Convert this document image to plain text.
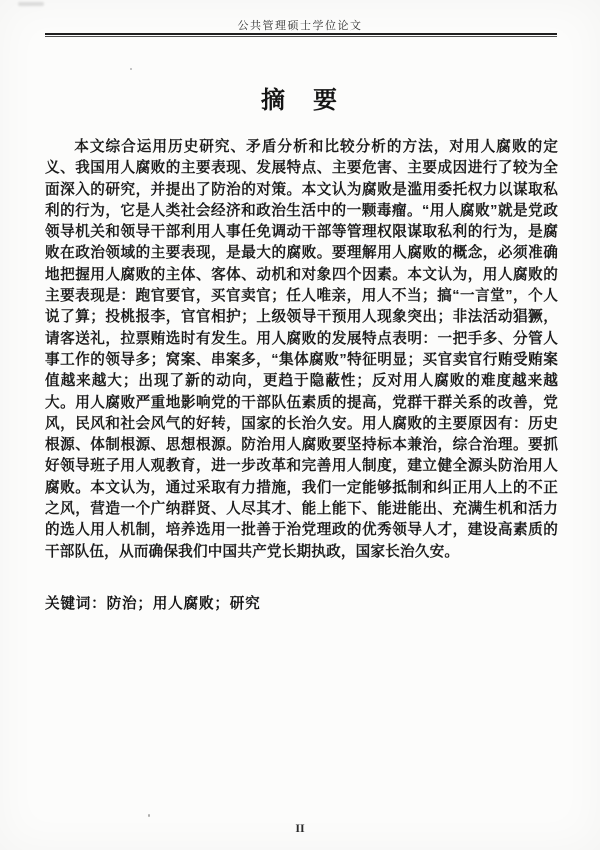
公共管理硕士学位论文
摘　要

本文综合运用历史研究、矛盾分析和比较分析的方法，对用人腐败的定义、我国用人腐败的主要表现、发展特点、主要危害、主要成因进行了较为全面深入的研究，并提出了防治的对策。本文认为腐败是滥用委托权力以谋取私利的行为，它是人类社会经济和政治生活中的一颗毒瘤。“用人腐败”就是党政领导机关和领导干部利用人事任免调动干部等管理权限谋取私利的行为，是腐败在政治领域的主要表现，是最大的腐败。要理解用人腐败的概念，必须准确地把握用人腐败的主体、客体、动机和对象四个因素。本文认为，用人腐败的主要表现是：跑官要官，买官卖官；任人唯亲，用人不当；搞“一言堂”，个人说了算；投桃报李，官官相护；上级领导干预用人现象突出；非法活动猖獗，请客送礼，拉票贿选时有发生。用人腐败的发展特点表明：一把手多、分管人事工作的领导多；窝案、串案多，“集体腐败”特征明显；买官卖官行贿受贿案值越来越大；出现了新的动向，更趋于隐蔽性；反对用人腐败的难度越来越大。用人腐败严重地影响党的干部队伍素质的提高，党群干群关系的改善，党风，民风和社会风气的好转，国家的长治久安。用人腐败的主要原因有：历史根源、体制根源、思想根源。防治用人腐败要坚持标本兼治，综合治理。要抓好领导班子用人观教育，进一步改革和完善用人制度，建立健全源头防治用人腐败。本文认为，通过采取有力措施，我们一定能够抵制和纠正用人上的不正之风，营造一个广纳群贤、人尽其才、能上能下、能进能出、充满生机和活力的选人用人机制，培养选用一批善于治党理政的优秀领导人才，建设高素质的干部队伍，从而确保我们中国共产党长期执政，国家长治久安。

关键词：防治；用人腐败；研究

II
